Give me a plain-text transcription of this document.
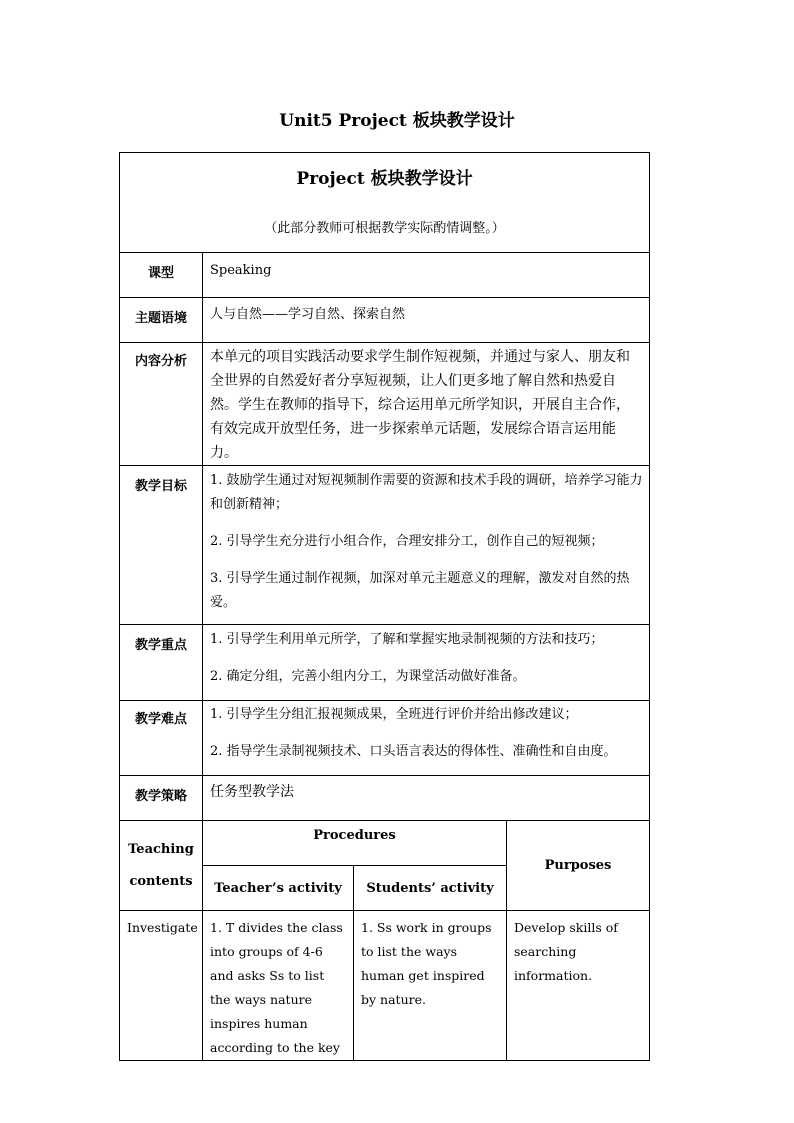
Unit5 Project 板块教学设计
Project 板块教学设计
（此部分教师可根据教学实际酌情调整。）			

课型	Speaking		
主题语境	人与自然——学习自然、探索自然		
内容分析	本单元的项目实践活动要求学生制作短视频，并通过与家人、朋友和全世界的自然爱好者分享短视频，让人们更多地了解自然和热爱自然。学生在教师的指导下，综合运用单元所学知识，开展自主合作，有效完成开放型任务，进一步探索单元话题，发展综合语言运用能力。		
教学目标	1. 鼓励学生通过对短视频制作需要的资源和技术手段的调研，培养学习能力和创新精神；

2. 引导学生充分进行小组合作，合理安排分工，创作自己的短视频；

3. 引导学生通过制作视频，加深对单元主题意义的理解，激发对自然的热爱。		

教学重点	1. 引导学生利用单元所学，了解和掌握实地录制视频的方法和技巧；

2. 确定分组，完善小组内分工，为课堂活动做好准备。		

教学难点	1. 引导学生分组汇报视频成果，全班进行评价并给出修改建议；

2. 指导学生录制视频技术、口头语言表达的得体性、准确性和自由度。		

教学策略	任务型教学法		

Teaching
contents	Procedures		Purposes
	Teacher’s activity	Students’ activity	
Investigate	1. T divides the class into groups of 4-6 and asks Ss to list the ways nature inspires human according to the key	1. Ss work in groups to list the ways human get inspired by nature.	Develop skills of searching information.
